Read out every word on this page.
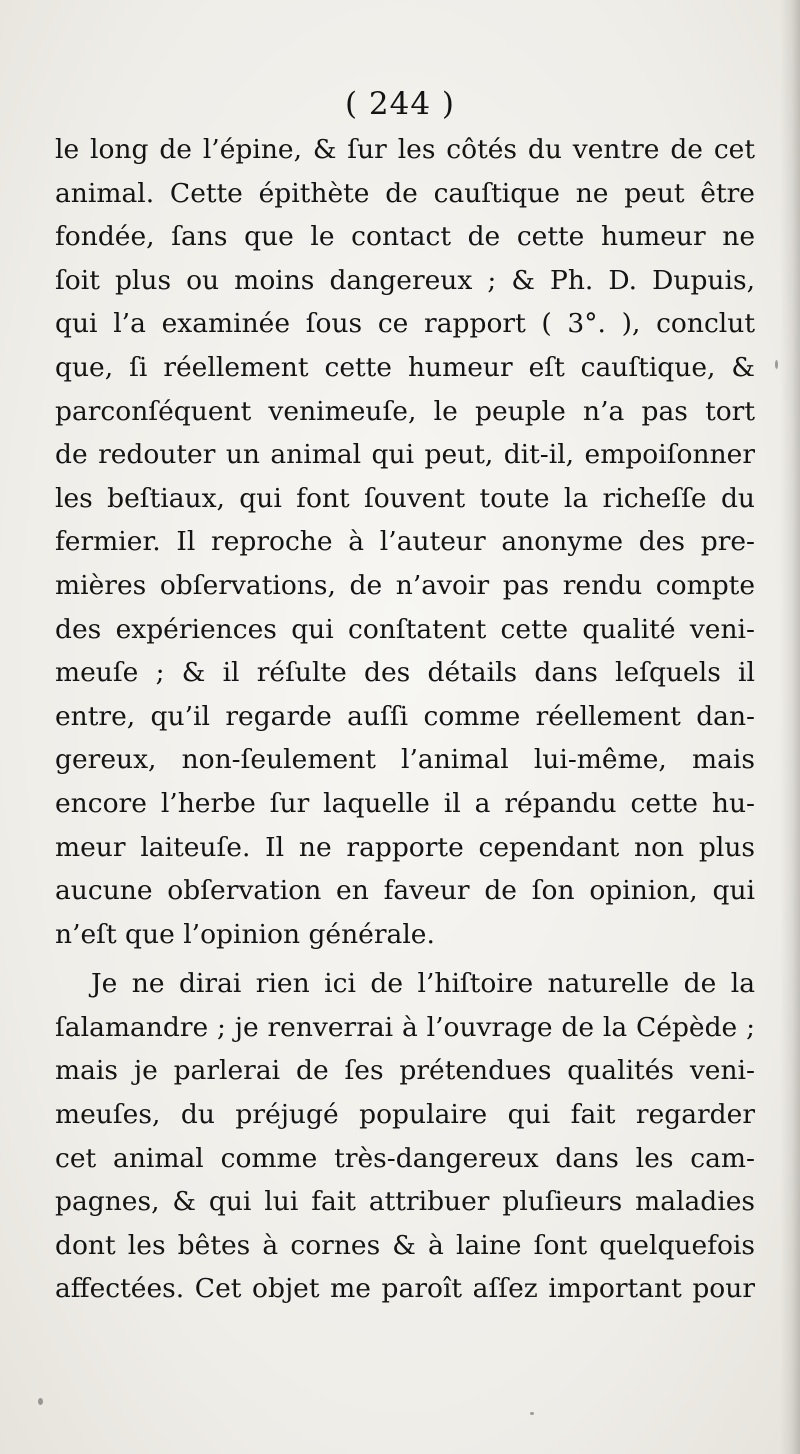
( 244 )
le long de l’épine, & ſur les côtés du ventre de cet
animal. Cette épithète de cauſtique ne peut être
fondée, ſans que le contact de cette humeur ne
ſoit plus ou moins dangereux ; & Ph. D. Dupuis,
qui l’a examinée ſous ce rapport ( 3°. ), conclut
que, ſi réellement cette humeur eſt cauſtique, &
parconſéquent venimeuſe, le peuple n’a pas tort
de redouter un animal qui peut, dit-il, empoiſonner
les beſtiaux, qui font ſouvent toute la richeſſe du
fermier. Il reproche à l’auteur anonyme des pre-
mières obſervations, de n’avoir pas rendu compte
des expériences qui conſtatent cette qualité veni-
meuſe ; & il réſulte des détails dans leſquels il
entre, qu’il regarde auſſi comme réellement dan-
gereux, non-ſeulement l’animal lui-même, mais
encore l’herbe ſur laquelle il a répandu cette hu-
meur laiteuſe. Il ne rapporte cependant non plus
aucune obſervation en faveur de ſon opinion, qui
n’eſt que l’opinion générale.
Je ne dirai rien ici de l’hiſtoire naturelle de la
ſalamandre ; je renverrai à l’ouvrage de la Cépède ;
mais je parlerai de ſes prétendues qualités veni-
meuſes, du préjugé populaire qui fait regarder
cet animal comme très-dangereux dans les cam-
pagnes, & qui lui fait attribuer pluſieurs maladies
dont les bêtes à cornes & à laine ſont quelquefois
affectées. Cet objet me paroît aſſez important pour
